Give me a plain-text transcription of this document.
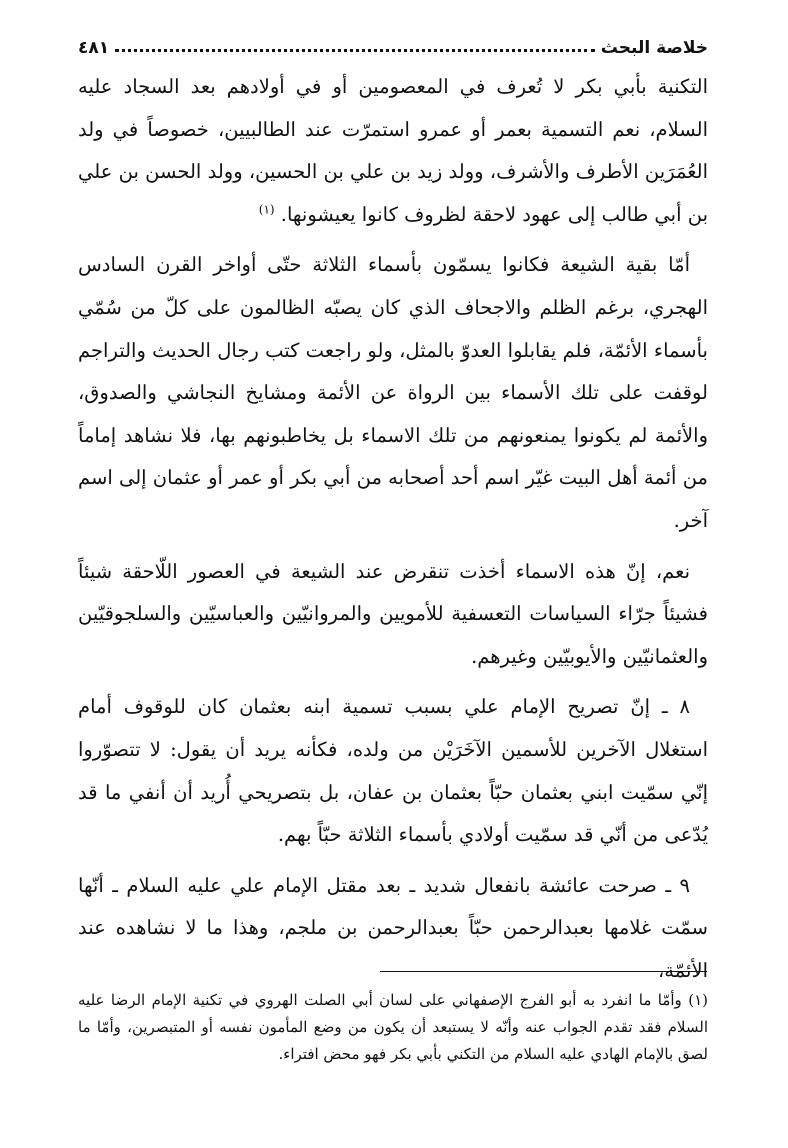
خلاصة البحث
٤٨١

التكنية بأبي بكر لا تُعرف في المعصومين أو في أولادهم بعد السجاد عليه السلام، نعم التسمية بعمر أو عمرو استمرّت عند الطالبيين، خصوصاً في ولد العُمَرَين الأطرف والأشرف، وولد زيد بن علي بن الحسين، وولد الحسن بن علي بن أبي طالب إلى عهود لاحقة لظروف كانوا يعيشونها. $^{(١)}$

أمّا بقية الشيعة فكانوا يسمّون بأسماء الثلاثة حتّى أواخر القرن السادس الهجري، برغم الظلم والاجحاف الذي كان يصبّه الظالمون على كلّ من سُمّي بأسماء الأئمّة، فلم يقابلوا العدوّ بالمثل، ولو راجعت كتب رجال الحديث والتراجم لوقفت على تلك الأسماء بين الرواة عن الأئمة ومشايخ النجاشي والصدوق، والأئمة لم يكونوا يمنعونهم من تلك الاسماء بل يخاطبونهم بها، فلا نشاهد إماماً من أئمة أهل البيت غيّر اسم أحد أصحابه من أبي بكر أو عمر أو عثمان إلى اسم آخر.

نعم، إنّ هذه الاسماء أخذت تنقرض عند الشيعة في العصور اللّاحقة شيئاً فشيئاً جرّاء السياسات التعسفية للأمويين والمروانيّين والعباسيّين والسلجوقيّين والعثمانيّين والأيوبيّين وغيرهم.

٨ ـ إنّ تصريح الإمام علي بسبب تسمية ابنه بعثمان كان للوقوف أمام استغلال الآخرين للأسمين الآخَرَيْن من ولده، فكأنه يريد أن يقول: لا تتصوّروا إنّي سمّيت ابني بعثمان حبّاً بعثمان بن عفان، بل بتصريحي أُريد أن أنفي ما قد يُدّعى من أنّي قد سمّيت أولادي بأسماء الثلاثة حبّاً بهم.

٩ ـ صرحت عائشة بانفعال شديد ـ بعد مقتل الإمام علي عليه السلام ـ أنّها سمّت غلامها بعبدالرحمن حبّاً بعبدالرحمن بن ملجم، وهذا ما لا نشاهده عند الأئمّة،

(١) وأمّا ما انفرد به أبو الفرج الإصفهاني على لسان أبي الصلت الهروي في تكنية الإمام الرضا عليه السلام فقد تقدم الجواب عنه وأنّه لا يستبعد أن يكون من وضع المأمون نفسه أو المتبصرين، وأمّا ما لصق بالإمام الهادي عليه السلام من التكني بأبي بكر فهو محض افتراء.
